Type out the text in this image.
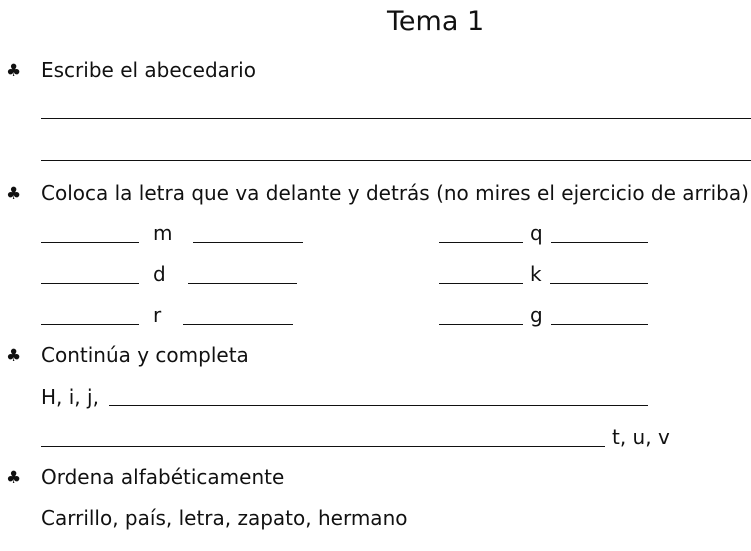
Tema 1
♣ Escribe el abecedario
♣ Coloca la letra que va delante y detrás (no mires el ejercicio de arriba)
m	q
d	k
r	g
♣ Continúa y completa
H, i, j,
t, u, v
♣ Ordena alfabéticamente
Carrillo, país, letra, zapato, hermano
